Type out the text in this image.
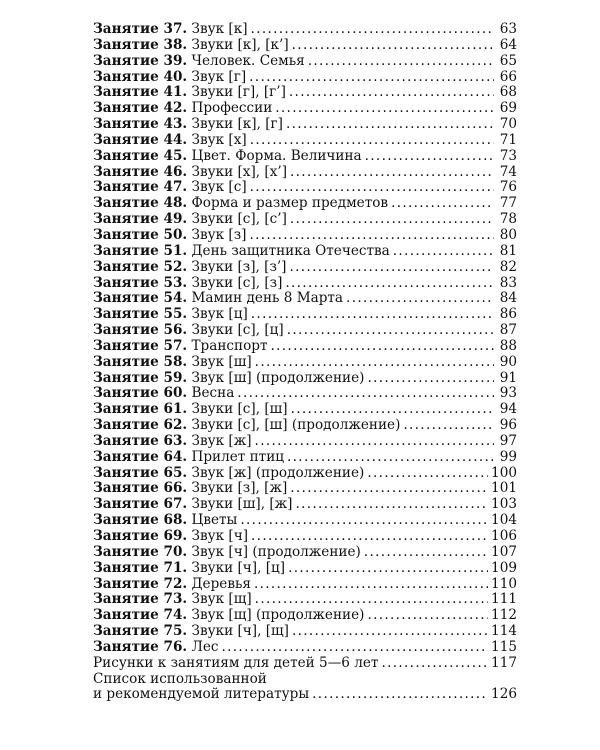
Занятие 37. Звук [к] . . .	63
Занятие 38. Звуки [к], [к’] . . .	64
Занятие 39. Человек. Семья . . .	65
Занятие 40. Звук [г] . . .	66
Занятие 41. Звуки [г], [г’] . . .	68
Занятие 42. Профессии . . .	69
Занятие 43. Звуки [к], [г] . . .	70
Занятие 44. Звук [х] . . .	71
Занятие 45. Цвет. Форма. Величина . . .	73
Занятие 46. Звуки [х], [х’] . . .	74
Занятие 47. Звук [с] . . .	76
Занятие 48. Форма и размер предметов . . .	77
Занятие 49. Звуки [с], [с’] . . .	78
Занятие 50. Звук [з] . . .	80
Занятие 51. День защитника Отечества . . .	81
Занятие 52. Звуки [з], [з’] . . .	82
Занятие 53. Звуки [с], [з] . . .	83
Занятие 54. Мамин день 8 Марта . . .	84
Занятие 55. Звук [ц] . . .	86
Занятие 56. Звуки [с], [ц] . . .	87
Занятие 57. Транспорт . . .	88
Занятие 58. Звук [ш] . . .	90
Занятие 59. Звук [ш] (продолжение) . . .	91
Занятие 60. Весна . . .	93
Занятие 61. Звуки [с], [ш] . . .	94
Занятие 62. Звуки [с], [ш] (продолжение) . . .	96
Занятие 63. Звук [ж] . . .	97
Занятие 64. Прилет птиц . . .	99
Занятие 65. Звук [ж] (продолжение) . . .	100
Занятие 66. Звуки [з], [ж] . . .	101
Занятие 67. Звуки [ш], [ж] . . .	103
Занятие 68. Цветы . . .	104
Занятие 69. Звук [ч] . . .	106
Занятие 70. Звук [ч] (продолжение) . . .	107
Занятие 71. Звуки [ч], [ц] . . .	109
Занятие 72. Деревья . . .	110
Занятие 73. Звук [щ] . . .	111
Занятие 74. Звук [щ] (продолжение) . . .	112
Занятие 75. Звуки [ч], [щ] . . .	114
Занятие 76. Лес . . .	115
Рисунки к занятиям для детей 5—6 лет . . .	117
Список использованной
и рекомендуемой литературы . . .	126
